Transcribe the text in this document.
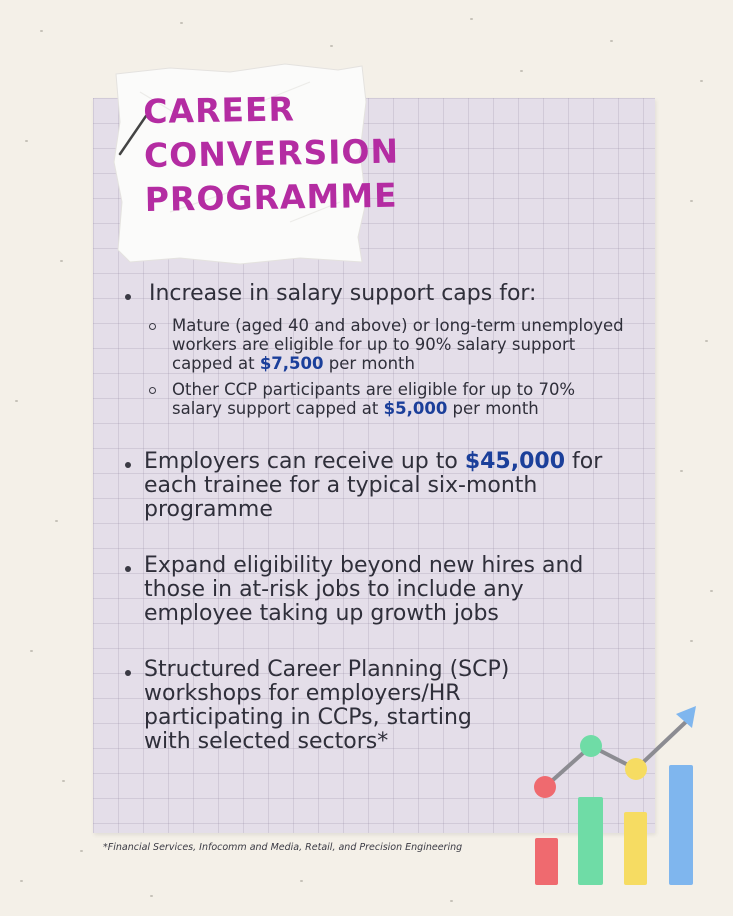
CAREER
CONVERSION
PROGRAMME
Increase in salary support caps for:
Mature (aged 40 and above) or long-term unemployed workers are eligible for up to 90% salary support capped at $7,500 per month
Other CCP participants are eligible for up to 70% salary support capped at $5,000 per month
Employers can receive up to $45,000 for each trainee for a typical six-month programme
Expand eligibility beyond new hires and those in at-risk jobs to include any employee taking up growth jobs
Structured Career Planning (SCP) workshops for employers/HR participating in CCPs, starting with selected sectors*
*Financial Services, Infocomm and Media, Retail, and Precision Engineering
